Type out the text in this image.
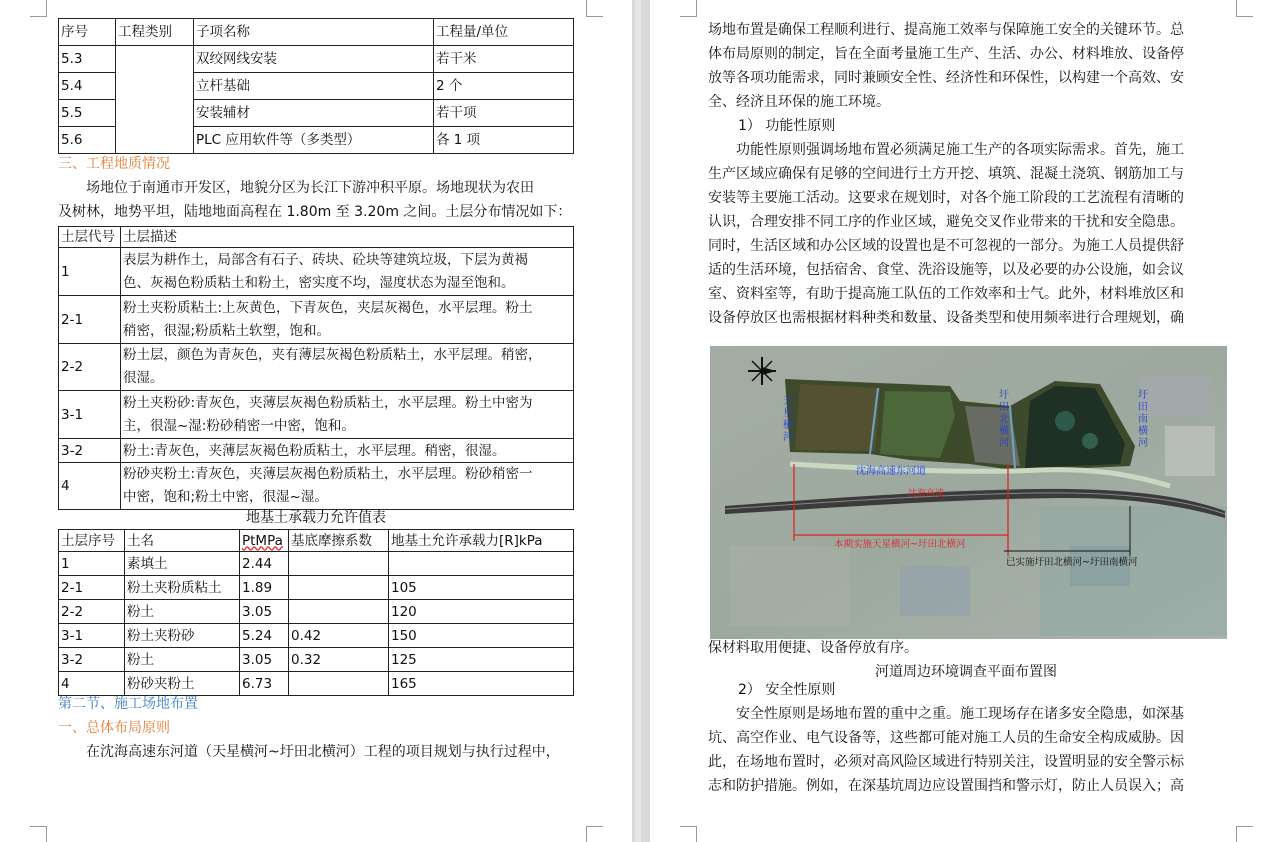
序号	工程类别	子项名称	工程量/单位
5.3		双绞网线安装	若干米
5.4		立杆基础	2 个
5.5		安装辅材	若干项
5.6		PLC 应用软件等（多类型）	各 1 项
三、工程地质情况
场地位于南通市开发区，地貌分区为长江下游冲积平原。场地现状为农田
及树林，地势平坦，陆地地面高程在 1.80m 至 3.20m 之间。土层分布情况如下：
土层代号	土层描述
1	表层为耕作土，局部含有石子、砖块、砼块等建筑垃圾，下层为黄褐
色、灰褐色粉质粘土和粉土，密实度不均，湿度状态为湿至饱和。

2-1	粉土夹粉质粘土:上灰黄色，下青灰色，夹层灰褐色，水平层理。粉土
稍密，很湿;粉质粘土软塑，饱和。

2-2	粉土层，颜色为青灰色，夹有薄层灰褐色粉质粘土，水平层理。稍密，
很湿。

3-1	粉土夹粉砂:青灰色，夹薄层灰褐色粉质粘土，水平层理。粉土中密为
主，很湿~湿:粉砂稍密一中密，饱和。

3-2	粉土:青灰色，夹薄层灰褐色粉质粘土，水平层理。稍密，很湿。

4	粉砂夹粉土:青灰色，夹薄层灰褐色粉质粘土，水平层理。粉砂稍密一
中密，饱和;粉土中密，很湿~湿。
地基土承载力允许值表
土层序号	土名	PtMPa	基底摩擦系数	地基土允许承载力[R]kPa
1	素填土	2.44		
2-1	粉土夹粉质粘土	1.89		105
2-2	粉土	3.05		120
3-1	粉土夹粉砂	5.24	0.42	150
3-2	粉土	3.05	0.32	125
4	粉砂夹粉土	6.73		165
第二节、施工场地布置
一、总体布局原则
在沈海高速东河道（天星横河~圩田北横河）工程的项目规划与执行过程中，
场地布置是确保工程顺利进行、提高施工效率与保障施工安全的关键环节。总
体布局原则的制定，旨在全面考量施工生产、生活、办公、材料堆放、设备停
放等各项功能需求，同时兼顾安全性、经济性和环保性，以构建一个高效、安
全、经济且环保的施工环境。
1） 功能性原则
功能性原则强调场地布置必须满足施工生产的各项实际需求。首先，施工
生产区域应确保有足够的空间进行土方开挖、填筑、混凝土浇筑、钢筋加工与
安装等主要施工活动。这要求在规划时，对各个施工阶段的工艺流程有清晰的
认识，合理安排不同工序的作业区域，避免交叉作业带来的干扰和安全隐患。
同时，生活区域和办公区域的设置也是不可忽视的一部分。为施工人员提供舒
适的生活环境，包括宿舍、食堂、洗浴设施等，以及必要的办公设施，如会议
室、资料室等，有助于提高施工队伍的工作效率和士气。此外，材料堆放区和
设备停放区也需根据材料种类和数量、设备类型和使用频率进行合理规划，确
天星横河
圩田北横河
圩田南横河
沈海高速东河道
沈海高速
本期实施天星横河~圩田北横河
已实施圩田北横河~圩田南横河
保材料取用便捷、设备停放有序。
河道周边环境调查平面布置图
2） 安全性原则
安全性原则是场地布置的重中之重。施工现场存在诸多安全隐患，如深基
坑、高空作业、电气设备等，这些都可能对施工人员的生命安全构成威胁。因
此，在场地布置时，必须对高风险区域进行特别关注，设置明显的安全警示标
志和防护措施。例如，在深基坑周边应设置围挡和警示灯，防止人员误入；高
